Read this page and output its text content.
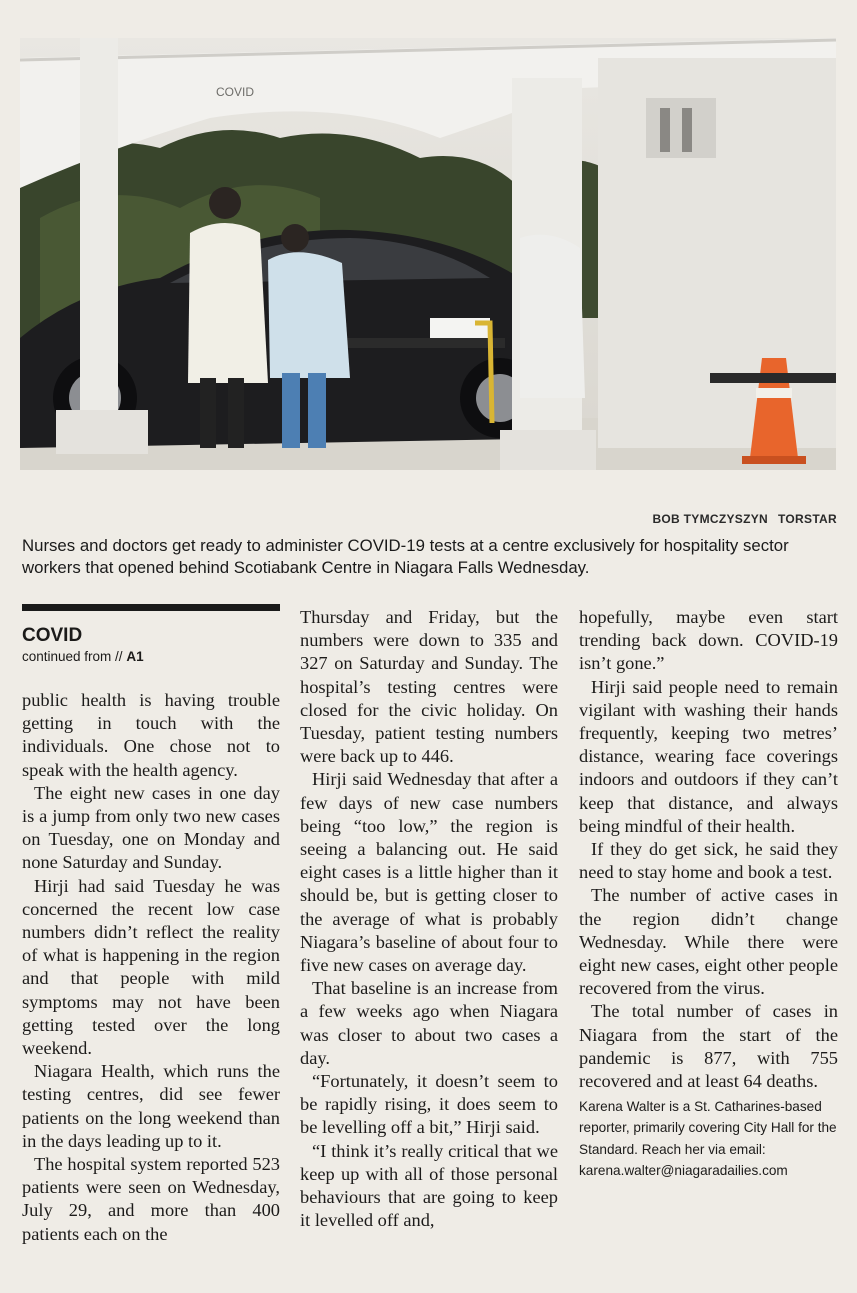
COVID
BOB TYMCZYSZYN TORSTAR
Nurses and doctors get ready to administer COVID-19 tests at a centre exclusively for hospitality sector workers that opened behind Scotiabank Centre in Niagara Falls Wednesday.
COVID
continued from // A1

public health is having trouble getting in touch with the individuals. One chose not to speak with the health agency.

The eight new cases in one day is a jump from only two new cases on Tuesday, one on Monday and none Saturday and Sunday.

Hirji had said Tuesday he was concerned the recent low case numbers didn’t reflect the reality of what is happening in the region and that people with mild symptoms may not have been getting tested over the long weekend.

Niagara Health, which runs the testing centres, did see fewer patients on the long weekend than in the days leading up to it.

The hospital system reported 523 patients were seen on Wednesday, July 29, and more than 400 patients each on the

Thursday and Friday, but the numbers were down to 335 and 327 on Saturday and Sunday. The hospital’s testing centres were closed for the civic holiday. On Tuesday, patient testing numbers were back up to 446.

Hirji said Wednesday that after a few days of new case numbers being “too low,” the region is seeing a balancing out. He said eight cases is a little higher than it should be, but is getting closer to the average of what is probably Niagara’s baseline of about four to five new cases on average day.

That baseline is an increase from a few weeks ago when Niagara was closer to about two cases a day.

“Fortunately, it doesn’t seem to be rapidly rising, it does seem to be levelling off a bit,” Hirji said.

“I think it’s really critical that we keep up with all of those personal behaviours that are going to keep it levelled off and,

hopefully, maybe even start trending back down. COVID-19 isn’t gone.”

Hirji said people need to remain vigilant with washing their hands frequently, keeping two metres’ distance, wearing face coverings indoors and outdoors if they can’t keep that distance, and always being mindful of their health.

If they do get sick, he said they need to stay home and book a test.

The number of active cases in the region didn’t change Wednesday. While there were eight new cases, eight other people recovered from the virus.

The total number of cases in Niagara from the start of the pandemic is 877, with 755 recovered and at least 64 deaths.

Karena Walter is a St. Catharines-based reporter, primarily covering City Hall for the Standard. Reach her via email: karena.walter@niagaradailies.com
